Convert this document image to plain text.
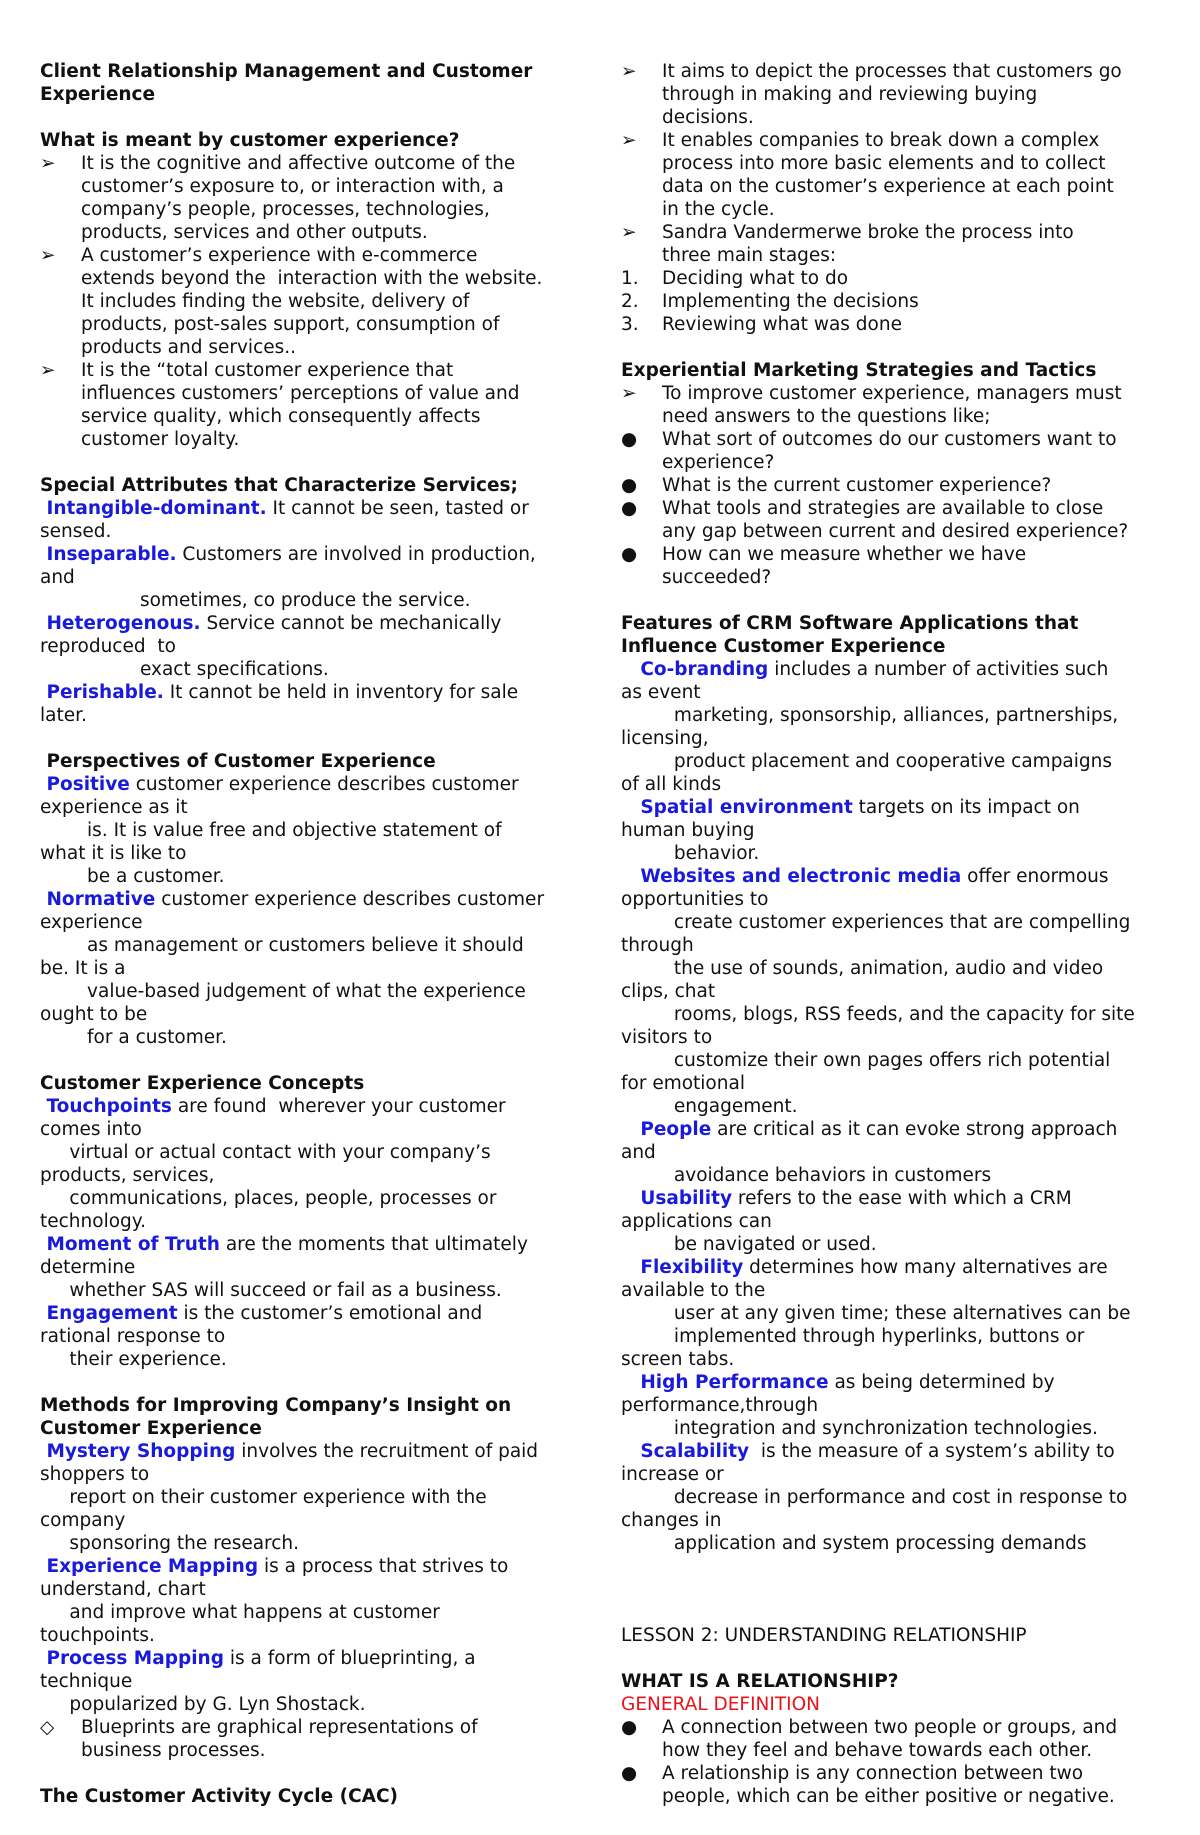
Client Relationship Management and Customer
Experience
What is meant by customer experience?
➢	It is the cognitive and affective outcome of the
customer’s exposure to, or interaction with, a
company’s people, processes, technologies,
products, services and other outputs.
➢	A customer’s experience with e-commerce
extends beyond the  interaction with the website.
It includes finding the website, delivery of
products, post-sales support, consumption of
products and services..
➢	It is the “total customer experience that
influences customers’ perceptions of value and
service quality, which consequently affects
customer loyalty.
Special Attributes that Characterize Services;
Intangible-dominant. It cannot be seen, tasted or
sensed.
Inseparable. Customers are involved in production,
and
sometimes, co produce the service.
Heterogenous. Service cannot be mechanically
reproduced  to
exact specifications.
Perishable. It cannot be held in inventory for sale
later.
Perspectives of Customer Experience
Positive customer experience describes customer
experience as it
is. It is value free and objective statement of
what it is like to
be a customer.
Normative customer experience describes customer
experience
as management or customers believe it should
be. It is a
value-based judgement of what the experience
ought to be
for a customer.
Customer Experience Concepts
Touchpoints are found  wherever your customer
comes into
virtual or actual contact with your company’s
products, services,
communications, places, people, processes or
technology.
Moment of Truth are the moments that ultimately
determine
whether SAS will succeed or fail as a business.
Engagement is the customer’s emotional and
rational response to
their experience.
Methods for Improving Company’s Insight on
Customer Experience
Mystery Shopping involves the recruitment of paid
shoppers to
report on their customer experience with the
company
sponsoring the research.
Experience Mapping is a process that strives to
understand, chart
and improve what happens at customer
touchpoints.
Process Mapping is a form of blueprinting, a
technique
popularized by G. Lyn Shostack.
◇	Blueprints are graphical representations of
business processes.
The Customer Activity Cycle (CAC)
➢	It aims to depict the processes that customers go
through in making and reviewing buying
decisions.
➢	It enables companies to break down a complex
process into more basic elements and to collect
data on the customer’s experience at each point
in the cycle.
➢	Sandra Vandermerwe broke the process into
three main stages:
1.	Deciding what to do
2.	Implementing the decisions
3.	Reviewing what was done
Experiential Marketing Strategies and Tactics
➢	To improve customer experience, managers must
need answers to the questions like;
●	What sort of outcomes do our customers want to
experience?
●	What is the current customer experience?
●	What tools and strategies are available to close
any gap between current and desired experience?
●	How can we measure whether we have
succeeded?
Features of CRM Software Applications that
Influence Customer Experience
Co-branding includes a number of activities such
as event
marketing, sponsorship, alliances, partnerships,
licensing,
product placement and cooperative campaigns
of all kinds
Spatial environment targets on its impact on
human buying
behavior.
Websites and electronic media offer enormous
opportunities to
create customer experiences that are compelling
through
the use of sounds, animation, audio and video
clips, chat
rooms, blogs, RSS feeds, and the capacity for site
visitors to
customize their own pages offers rich potential
for emotional
engagement.
People are critical as it can evoke strong approach
and
avoidance behaviors in customers
Usability refers to the ease with which a CRM
applications can
be navigated or used.
Flexibility determines how many alternatives are
available to the
user at any given time; these alternatives can be
implemented through hyperlinks, buttons or
screen tabs.
High Performance as being determined by
performance,through
integration and synchronization technologies.
Scalability  is the measure of a system’s ability to
increase or
decrease in performance and cost in response to
changes in
application and system processing demands
LESSON 2: UNDERSTANDING RELATIONSHIP
WHAT IS A RELATIONSHIP?
GENERAL DEFINITION
●	A connection between two people or groups, and
how they feel and behave towards each other.
●	A relationship is any connection between two
people, which can be either positive or negative.
